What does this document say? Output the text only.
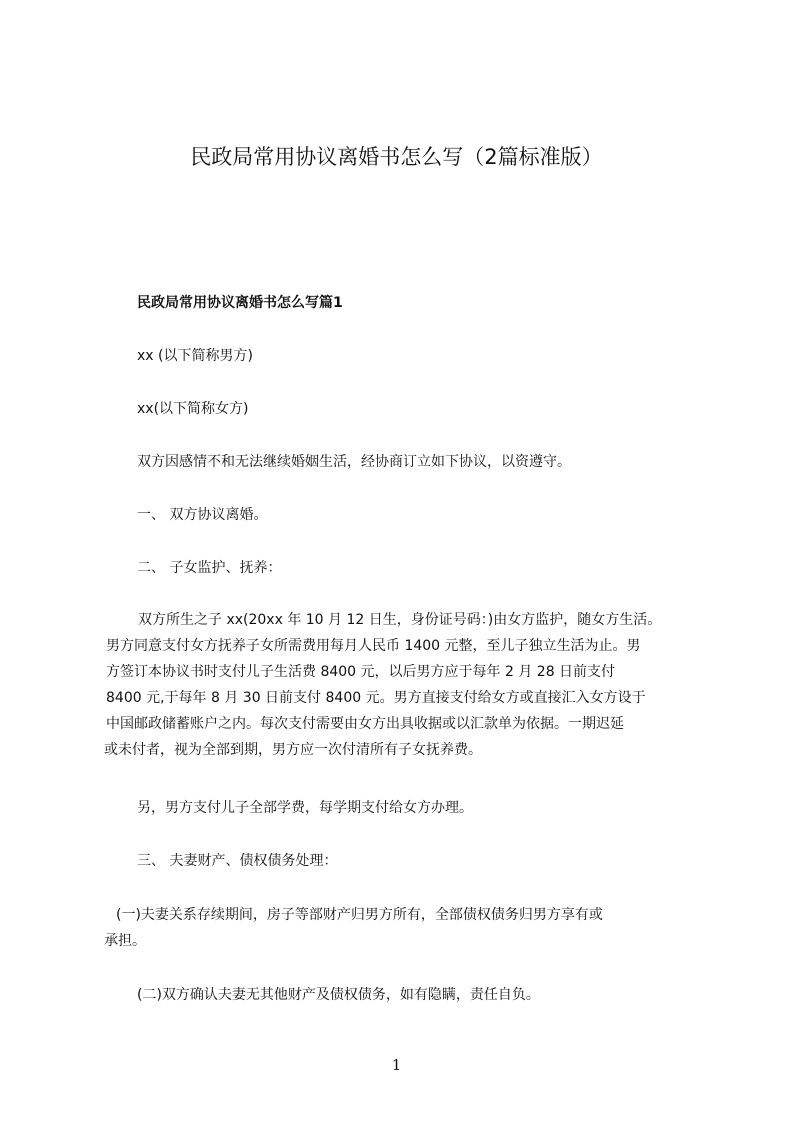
民政局常用协议离婚书怎么写（2篇标准版）
民政局常用协议离婚书怎么写篇1
xx (以下简称男方)
xx(以下简称女方)
双方因感情不和无法继续婚姻生活，经协商订立如下协议，以资遵守。
一、 双方协议离婚。
二、 子女监护、抚养：
双方所生之子 xx(20xx 年 10 月 12 日生，身份证号码：)由女方监护，随女方生活。
男方同意支付女方抚养子女所需费用每月人民币 1400 元整，至儿子独立生活为止。男
方签订本协议书时支付儿子生活费 8400 元，以后男方应于每年 2 月 28 日前支付
8400 元,于每年 8 月 30 日前支付 8400 元。男方直接支付给女方或直接汇入女方设于
中国邮政储蓄账户之内。每次支付需要由女方出具收据或以汇款单为依据。一期迟延
或未付者，视为全部到期，男方应一次付清所有子女抚养费。
另，男方支付儿子全部学费，每学期支付给女方办理。
三、 夫妻财产、债权债务处理：
(一)夫妻关系存续期间，房子等部财产归男方所有，全部债权债务归男方享有或
承担。
(二)双方确认夫妻无其他财产及债权债务，如有隐瞒，责任自负。
1
